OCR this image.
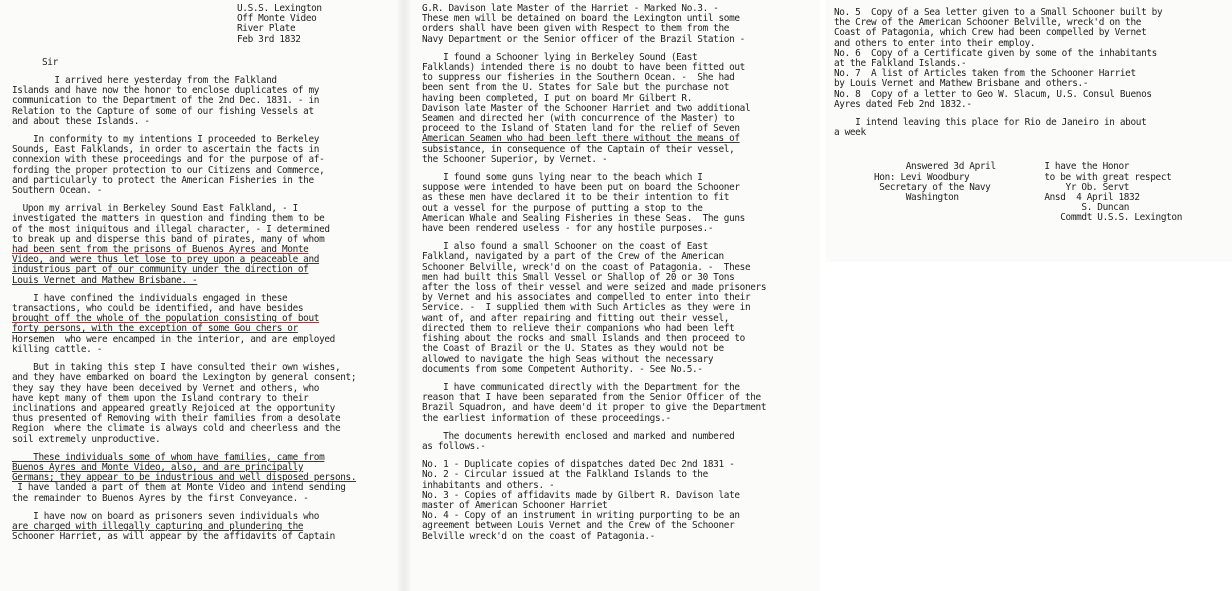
U.S.S. Lexington
Off Monte Video
River Plate
Feb 3rd 1832
Sir
I arrived here yesterday from the Falkland
Islands and have now the honor to enclose duplicates of my
communication to the Department of the 2nd Dec. 1831. - in
Relation to the Capture of some of our fishing Vessels at
and about these Islands. -
In conformity to my intentions I proceeded to Berkeley
Sounds, East Falklands, in order to ascertain the facts in
connexion with these proceedings and for the purpose of af-
fording the proper protection to our Citizens and Commerce,
and particularly to protect the American Fisheries in the
Southern Ocean. -
Upon my arrival in Berkeley Sound East Falkland, - I
investigated the matters in question and finding them to be
of the most iniquitous and illegal character, - I determined
to break up and disperse this band of pirates, many of whom
had been sent from the prisons of Buenos Ayres and Monte
Video, and were thus let lose to prey upon a peaceable and
industrious part of our community under the direction of
Louis Vernet and Mathew Brisbane. -
I have confined the individuals engaged in these
transactions, who could be identified, and have besides
brought off the whole of the population consisting of bout
forty persons, with the exception of some Gou chers or
Horsemen  who were encamped in the interior, and are employed
killing cattle. -
But in taking this step I have consulted their own wishes,
and they have embarked on board the Lexington by general consent;
they say they have been deceived by Vernet and others, who
have kept many of them upon the Island contrary to their
inclinations and appeared greatly Rejoiced at the opportunity
thus presented of Removing with their families from a desolate
Region  where the climate is always cold and cheerless and the
soil extremely unproductive.
These individuals some of whom have families, came from
Buenos Ayres and Monte Video, also, and are principally
Germans; they appear to be industrious and well disposed persons.
I have landed a part of them at Monte Video and intend sending
the remainder to Buenos Ayres by the first Conveyance. -
I have now on board as prisoners seven individuals who
are charged with illegally capturing and plundering the
Schooner Harriet, as will appear by the affidavits of Captain
G.R. Davison late Master of the Harriet - Marked No.3. -
These men will be detained on board the Lexington until some
orders shall have been given with Respect to them from the
Navy Department or the Senior officer of the Brazil Station -
I found a Schooner lying in Berkeley Sound (East
Falklands) intended there is no doubt to have been fitted out
to suppress our fisheries in the Southern Ocean. -  She had
been sent from the U. States for Sale but the purchase not
having been completed, I put on board Mr Gilbert R.
Davison late Master of the Schooner Harriet and two additional
Seamen and directed her (with concurrence of the Master) to
proceed to the Island of Staten land for the relief of Seven
American Seamen who had been left there without the means of
subsistance, in consequence of the Captain of their vessel,
the Schooner Superior, by Vernet. -
I found some guns lying near to the beach which I
suppose were intended to have been put on board the Schooner
as these men have declared it to be their intention to fit
out a vessel for the purpose of putting a stop to the
American Whale and Sealing Fisheries in these Seas.  The guns
have been rendered useless - for any hostile purposes.-
I also found a small Schooner on the coast of East
Falkland, navigated by a part of the Crew of the American
Schooner Belville, wreck'd on the coast of Patagonia. -  These
men had built this Small Vessel or Shallop of 20 or 30 Tons
after the loss of their vessel and were seized and made prisoners
by Vernet and his associates and compelled to enter into their
Service. -  I supplied them with Such Articles as they were in
want of, and after repairing and fitting out their vessel,
directed them to relieve their companions who had been left
fishing about the rocks and small Islands and then proceed to
the Coast of Brazil or the U. States as they would not be
allowed to navigate the high Seas without the necessary
documents from some Competent Authority. - See No.5.-
I have communicated directly with the Department for the
reason that I have been separated from the Senior Officer of the
Brazil Squadron, and have deem'd it proper to give the Department
the earliest information of these proceedings.-
The documents herewith enclosed and marked and numbered
as follows.-
No. 1 - Duplicate copies of dispatches dated Dec 2nd 1831 -
No. 2 - Circular issued at the Falkland Islands to the
inhabitants and others. -
No. 3 - Copies of affidavits made by Gilbert R. Davison late
master of American Schooner Harriet
No. 4 - Copy of an instrument in writing purporting to be an
agreement between Louis Vernet and the Crew of the Schooner
Belville wreck'd on the coast of Patagonia.-
No. 5  Copy of a Sea letter given to a Small Schooner built by
the Crew of the American Schooner Belville, wreck'd on the
Coast of Patagonia, which Crew had been compelled by Vernet
and others to enter into their employ.
No. 6  Copy of a Certificate given by some of the inhabitants
at the Falkland Islands.-
No. 7  A list of Articles taken from the Schooner Harriet
by Louis Vernet and Mathew Brisbane and others.-
No. 8  Copy of a letter to Geo W. Slacum, U.S. Consul Buenos
Ayres dated Feb 2nd 1832.-
I intend leaving this place for Rio de Janeiro in about
a week
Answered 3d April
Hon: Levi Woodbury
Secretary of the Navy
Washington
I have the Honor
to be with great respect
Yr Ob. Servt
Ansd  4 April 1832
S. Duncan
Commdt U.S.S. Lexington
